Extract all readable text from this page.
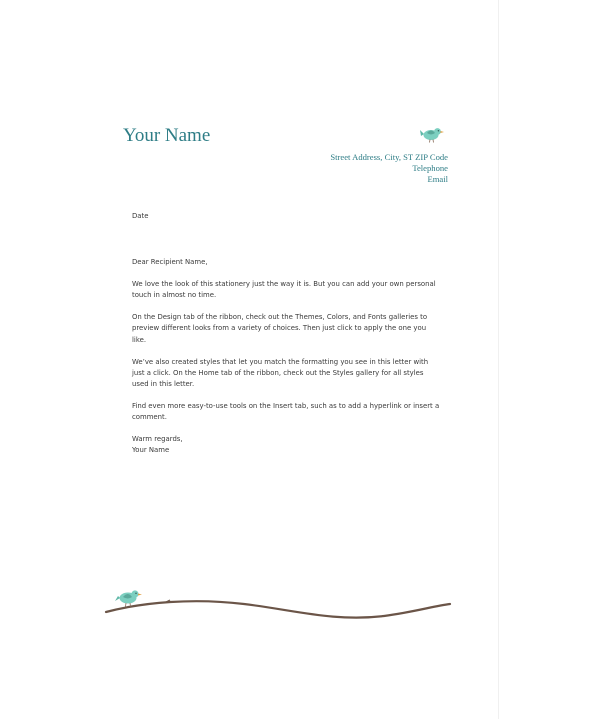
Your Name
Street Address, City, ST ZIP Code
Telephone
Email

Date

Dear Recipient Name,

We love the look of this stationery just the way it is. But you can add your own personal

touch in almost no time.

On the Design tab of the ribbon, check out the Themes, Colors, and Fonts galleries to

preview different looks from a variety of choices. Then just click to apply the one you

like.

We’ve also created styles that let you match the formatting you see in this letter with

just a click. On the Home tab of the ribbon, check out the Styles gallery for all styles

used in this letter.

Find even more easy-to-use tools on the Insert tab, such as to add a hyperlink or insert a

comment.

Warm regards,

Your Name
